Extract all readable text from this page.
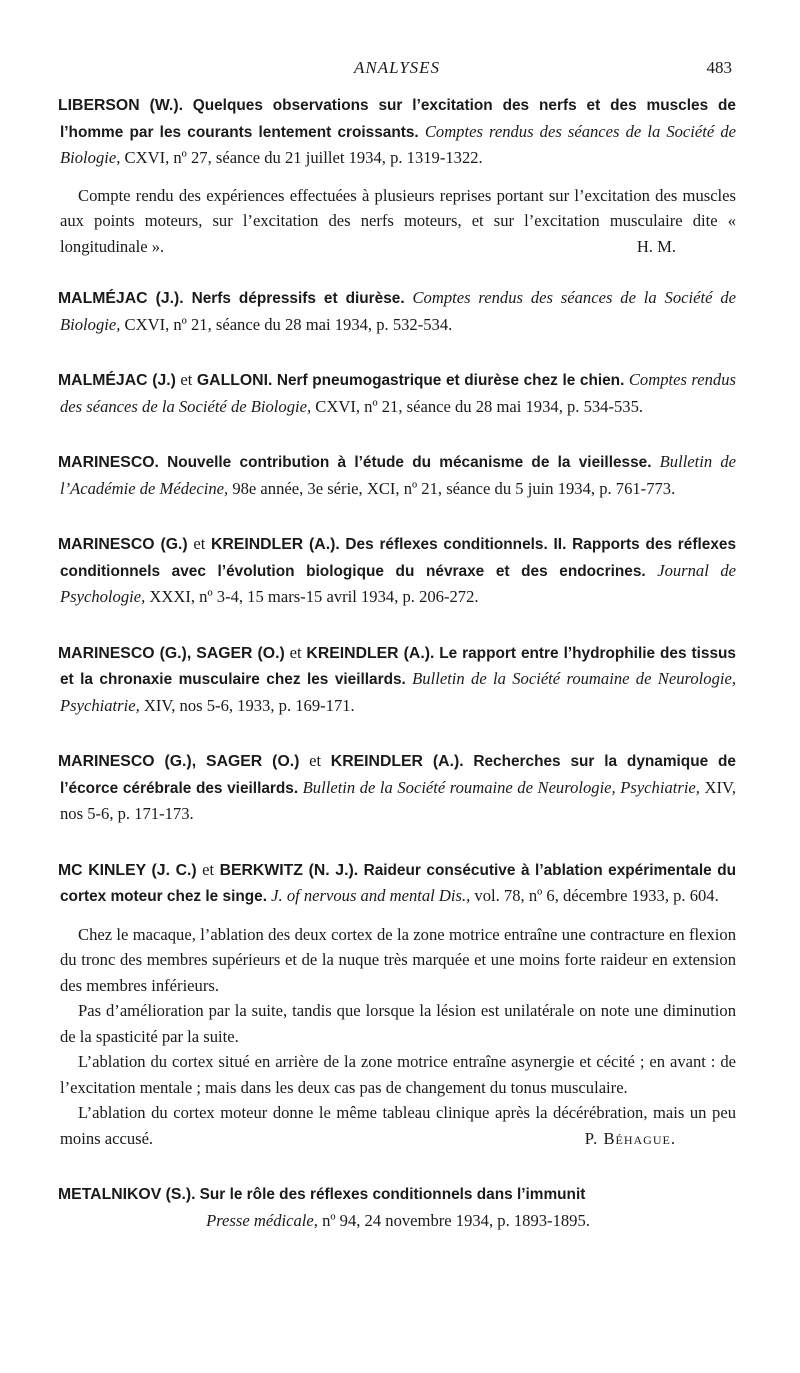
ANALYSES	483
LIBERSON (W.). Quelques observations sur l’excitation des nerfs et des muscles de l’homme par les courants lentement croissants. Comptes rendus des séances de la Société de Biologie, CXVI, nº 27, séance du 21 juillet 1934, p. 1319-1322.

Compte rendu des expériences effectuées à plusieurs reprises portant sur l’excitation des muscles aux points moteurs, sur l’excitation des nerfs moteurs, et sur l’excitation musculaire dite « longitudinale ».	H. M.

MALMÉJAC (J.). Nerfs dépressifs et diurèse. Comptes rendus des séances de la Société de Biologie, CXVI, nº 21, séance du 28 mai 1934, p. 532-534.
MALMÉJAC (J.) et GALLONI. Nerf pneumogastrique et diurèse chez le chien. Comptes rendus des séances de la Société de Biologie, CXVI, nº 21, séance du 28 mai 1934, p. 534-535.
MARINESCO. Nouvelle contribution à l’étude du mécanisme de la vieillesse. Bulletin de l’Académie de Médecine, 98e année, 3e série, XCI, nº 21, séance du 5 juin 1934, p. 761-773.
MARINESCO (G.) et KREINDLER (A.). Des réflexes conditionnels. II. Rapports des réflexes conditionnels avec l’évolution biologique du névraxe et des endocrines. Journal de Psychologie, XXXI, nº 3-4, 15 mars-15 avril 1934, p. 206-272.
MARINESCO (G.), SAGER (O.) et KREINDLER (A.). Le rapport entre l’hydrophilie des tissus et la chronaxie musculaire chez les vieillards. Bulletin de la Société roumaine de Neurologie, Psychiatrie, XIV, nos 5-6, 1933, p. 169-171.
MARINESCO (G.), SAGER (O.) et KREINDLER (A.). Recherches sur la dynamique de l’écorce cérébrale des vieillards. Bulletin de la Société roumaine de Neurologie, Psychiatrie, XIV, nos 5-6, p. 171-173.
MC KINLEY (J. C.) et BERKWITZ (N. J.). Raideur consécutive à l’ablation expérimentale du cortex moteur chez le singe. J. of nervous and mental Dis., vol. 78, nº 6, décembre 1933, p. 604.

Chez le macaque, l’ablation des deux cortex de la zone motrice entraîne une contracture en flexion du tronc des membres supérieurs et de la nuque très marquée et une moins forte raideur en extension des membres inférieurs.

Pas d’amélioration par la suite, tandis que lorsque la lésion est unilatérale on note une diminution de la spasticité par la suite.

L’ablation du cortex situé en arrière de la zone motrice entraîne asynergie et cécité ; en avant : de l’excitation mentale ; mais dans les deux cas pas de changement du tonus musculaire.

L’ablation du cortex moteur donne le même tableau clinique après la décérébration, mais un peu moins accusé.	P. Béhague.

METALNIKOV (S.). Sur le rôle des réflexes conditionnels dans l’immunit
Presse médicale, nº 94, 24 novembre 1934, p. 1893-1895.
